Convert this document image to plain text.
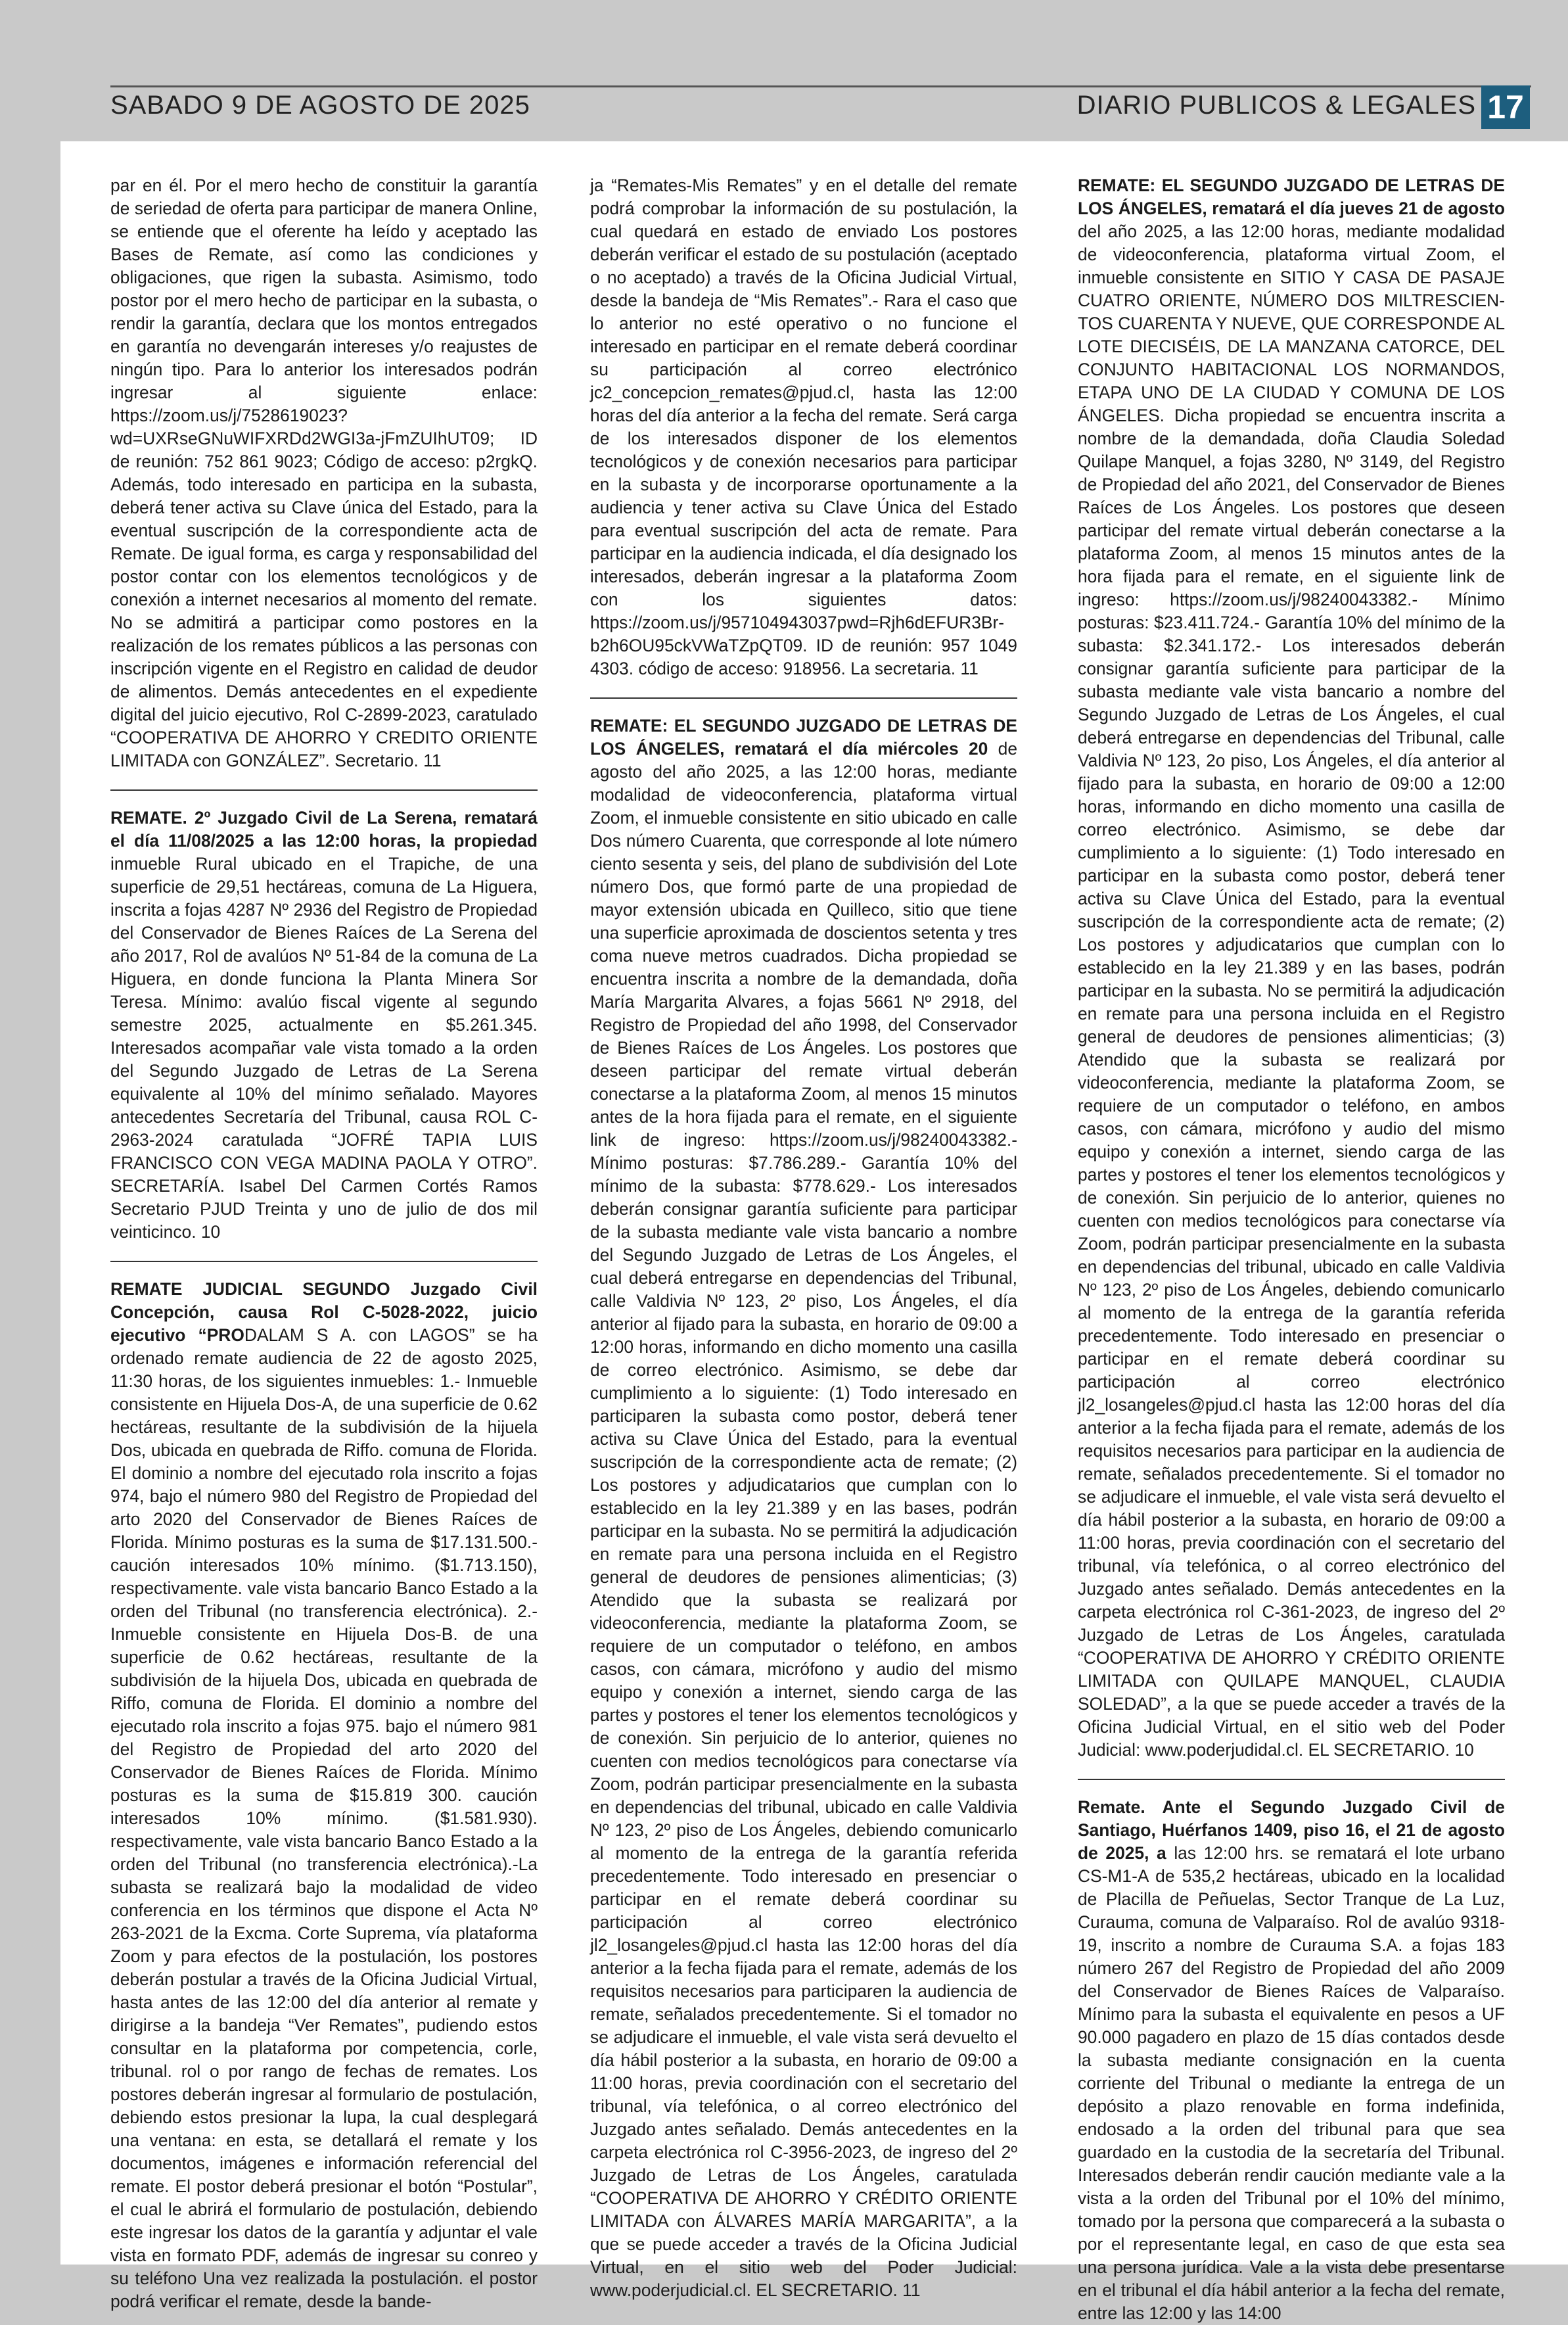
SABADO 9 DE AGOSTO DE 2025	DIARIO PUBLICOS & LEGALES 17

par en él. Por el mero hecho de constituir la garantía de seriedad de oferta para participar de manera Online, se entiende que el oferente ha leído y aceptado las Bases de Remate, así como las condiciones y obligaciones, que rigen la subasta. Asimismo, todo postor por el mero hecho de participar en la subasta, o rendir la garantía, declara que los montos entregados en garantía no devengarán intereses y/o reajustes de ningún tipo. Para lo anterior los interesados podrán ingresar al siguiente enlace: https://zoom.us/j/7528619023?wd=UXRseGNuWIFXRDd2WGI3a-jFmZUIhUT09; ID de reunión: 752 861 9023; Código de acceso: p2rgkQ. Además, todo interesado en participa en la subasta, deberá tener activa su Clave única del Estado, para la eventual suscripción de la correspondiente acta de Remate. De igual forma, es carga y responsabilidad del postor contar con los elementos tecnológicos y de conexión a internet necesarios al momento del remate. No se admitirá a participar como postores en la realización de los remates públicos a las personas con inscripción vigente en el Registro en calidad de deudor de alimentos. Demás antecedentes en el expediente digital del juicio ejecutivo, Rol C-2899-2023, caratulado “COOPERATIVA DE AHORRO Y CREDITO ORIENTE LIMITADA con GONZÁLEZ”. Secretario. 11

REMATE. 2º Juzgado Civil de La Serena, rematará el día 11/08/2025 a las 12:00 horas, la propiedad inmueble Rural ubicado en el Trapiche, de una superficie de 29,51 hectáreas, comuna de La Higuera, inscrita a fojas 4287 Nº 2936 del Registro de Propiedad del Conservador de Bienes Raíces de La Serena del año 2017, Rol de avalúos Nº 51-84 de la comuna de La Higuera, en donde funciona la Planta Minera Sor Teresa. Mínimo: avalúo fiscal vigente al segundo semestre 2025, actualmente en $5.261.345. Interesados acompañar vale vista tomado a la orden del Segundo Juzgado de Letras de La Serena equivalente al 10% del mínimo señalado. Mayores antecedentes Secretaría del Tribunal, causa ROL C-2963-2024 caratulada “JOFRÉ TAPIA LUIS FRANCISCO CON VEGA MADINA PAOLA Y OTRO”. SECRETARÍA. Isabel Del Carmen Cortés Ramos Secretario PJUD Treinta y uno de julio de dos mil veinticinco. 10

REMATE JUDICIAL SEGUNDO Juzgado Civil Concepción, causa Rol C-5028-2022, juicio ejecutivo “PRODALAM S A. con LAGOS” se ha ordenado remate audiencia de 22 de agosto 2025, 11:30 horas, de los siguientes inmuebles: 1.- Inmueble consistente en Hijuela Dos-A, de una superficie de 0.62 hectáreas, resultante de la subdivisión de la hijuela Dos, ubicada en quebrada de Riffo. comuna de Florida. El dominio a nombre del ejecutado rola inscrito a fojas 974, bajo el número 980 del Registro de Propiedad del arto 2020 del Conservador de Bienes Raíces de Florida. Mínimo posturas es la suma de $17.131.500.- caución interesados 10% mínimo. ($1.713.150), respectivamente. vale vista bancario Banco Estado a la orden del Tribunal (no transferencia electrónica). 2.- Inmueble consistente en Hijuela Dos-B. de una superficie de 0.62 hectáreas, resultante de la subdivisión de la hijuela Dos, ubicada en quebrada de Riffo, comuna de Florida. El dominio a nombre del ejecutado rola inscrito a fojas 975. bajo el número 981 del Registro de Propiedad del arto 2020 del Conservador de Bienes Raíces de Florida. Mínimo posturas es la suma de $15.819 300. caución interesados 10% mínimo. ($1.581.930). respectivamente, vale vista bancario Banco Estado a la orden del Tribunal (no transferencia electrónica).-La subasta se realizará bajo la modalidad de video conferencia en los términos que dispone el Acta Nº 263-2021 de la Excma. Corte Suprema, vía plataforma Zoom y para efectos de la postulación, los postores deberán postular a través de la Oficina Judicial Virtual, hasta antes de las 12:00 del día anterior al remate y dirigirse a la bandeja “Ver Remates”, pudiendo estos consultar en la plataforma por competencia, corle, tribunal. rol o por rango de fechas de remates. Los postores deberán ingresar al formulario de postulación, debiendo estos presionar la lupa, la cual desplegará una ventana: en esta, se detallará el remate y los documentos, imágenes e información referencial del remate. El postor deberá presionar el botón “Postular”, el cual le abrirá el formulario de postulación, debiendo este ingresar los datos de la garantía y adjuntar el vale vista en formato PDF, además de ingresar su conreo y su teléfono Una vez realizada la postulación. el postor podrá verificar el remate, desde la bande-

ja “Remates-Mis Remates” y en el detalle del remate podrá comprobar la información de su postulación, la cual quedará en estado de enviado Los postores deberán verificar el estado de su postulación (aceptado o no aceptado) a través de la Oficina Judicial Virtual, desde la bandeja de “Mis Remates”.- Rara el caso que lo anterior no esté operativo o no funcione el interesado en participar en el remate deberá coordinar su participación al correo electrónico jc2_concepcion_remates@pjud.cl, hasta las 12:00 horas del día anterior a la fecha del remate. Será carga de los interesados disponer de los elementos tecnológicos y de conexión necesarios para participar en la subasta y de incorporarse oportunamente a la audiencia y tener activa su Clave Única del Estado para eventual suscripción del acta de remate. Para participar en la audiencia indicada, el día designado los interesados, deberán ingresar a la plataforma Zoom con los siguientes datos: https://zoom.us/j/957104943037pwd=Rjh6dEFUR3Br-b2h6OU95ckVWaTZpQT09. ID de reunión: 957 1049 4303. código de acceso: 918956. La secretaria. 11

REMATE: EL SEGUNDO JUZGADO DE LETRAS DE LOS ÁNGELES, rematará el día miércoles 20 de agosto del año 2025, a las 12:00 horas, mediante modalidad de videoconferencia, plataforma virtual Zoom, el inmueble consistente en sitio ubicado en calle Dos número Cuarenta, que corresponde al lote número ciento sesenta y seis, del plano de subdivisión del Lote número Dos, que formó parte de una propiedad de mayor extensión ubicada en Quilleco, sitio que tiene una superficie aproximada de doscientos setenta y tres coma nueve metros cuadrados. Dicha propiedad se encuentra inscrita a nombre de la demandada, doña María Margarita Alvares, a fojas 5661 Nº 2918, del Registro de Propiedad del año 1998, del Conservador de Bienes Raíces de Los Ángeles. Los postores que deseen participar del remate virtual deberán conectarse a la plataforma Zoom, al menos 15 minutos antes de la hora fijada para el remate, en el siguiente link de ingreso: https://zoom.us/j/98240043382.- Mínimo posturas: $7.786.289.- Garantía 10% del mínimo de la subasta: $778.629.- Los interesados deberán consignar garantía suficiente para participar de la subasta mediante vale vista bancario a nombre del Segundo Juzgado de Letras de Los Ángeles, el cual deberá entregarse en dependencias del Tribunal, calle Valdivia Nº 123, 2º piso, Los Ángeles, el día anterior al fijado para la subasta, en horario de 09:00 a 12:00 horas, informando en dicho momento una casilla de correo electrónico. Asimismo, se debe dar cumplimiento a lo siguiente: (1) Todo interesado en participaren la subasta como postor, deberá tener activa su Clave Única del Estado, para la eventual suscripción de la correspondiente acta de remate; (2) Los postores y adjudicatarios que cumplan con lo establecido en la ley 21.389 y en las bases, podrán participar en la subasta. No se permitirá la adjudicación en remate para una persona incluida en el Registro general de deudores de pensiones alimenticias; (3) Atendido que la subasta se realizará por videoconferencia, mediante la plataforma Zoom, se requiere de un computador o teléfono, en ambos casos, con cámara, micrófono y audio del mismo equipo y conexión a internet, siendo carga de las partes y postores el tener los elementos tecnológicos y de conexión. Sin perjuicio de lo anterior, quienes no cuenten con medios tecnológicos para conectarse vía Zoom, podrán participar presencialmente en la subasta en dependencias del tribunal, ubicado en calle Valdivia Nº 123, 2º piso de Los Ángeles, debiendo comunicarlo al momento de la entrega de la garantía referida precedentemente. Todo interesado en presenciar o participar en el remate deberá coordinar su participación al correo electrónico jl2_losangeles@pjud.cl hasta las 12:00 horas del día anterior a la fecha fijada para el remate, además de los requisitos necesarios para participaren la audiencia de remate, señalados precedentemente. Si el tomador no se adjudicare el inmueble, el vale vista será devuelto el día hábil posterior a la subasta, en horario de 09:00 a 11:00 horas, previa coordinación con el secretario del tribunal, vía telefónica, o al correo electrónico del Juzgado antes señalado. Demás antecedentes en la carpeta electrónica rol C-3956-2023, de ingreso del 2º Juzgado de Letras de Los Ángeles, caratulada “COOPERATIVA DE AHORRO Y CRÉDITO ORIENTE LIMITADA con ÁLVARES MARÍA MARGARITA”, a la que se puede acceder a través de la Oficina Judicial Virtual, en el sitio web del Poder Judicial: www.poderjudicial.cl. EL SECRETARIO. 11

REMATE: EL SEGUNDO JUZGADO DE LETRAS DE LOS ÁNGELES, rematará el día jueves 21 de agosto del año 2025, a las 12:00 horas, mediante modalidad de videoconferencia, plataforma virtual Zoom, el inmueble consistente en SITIO Y CASA DE PASAJE CUATRO ORIENTE, NÚMERO DOS MILTRESCIEN-TOS CUARENTA Y NUEVE, QUE CORRESPONDE AL LOTE DIECISÉIS, DE LA MANZANA CATORCE, DEL CONJUNTO HABITACIONAL LOS NORMANDOS, ETAPA UNO DE LA CIUDAD Y COMUNA DE LOS ÁNGELES. Dicha propiedad se encuentra inscrita a nombre de la demandada, doña Claudia Soledad Quilape Manquel, a fojas 3280, Nº 3149, del Registro de Propiedad del año 2021, del Conservador de Bienes Raíces de Los Ángeles. Los postores que deseen participar del remate virtual deberán conectarse a la plataforma Zoom, al menos 15 minutos antes de la hora fijada para el remate, en el siguiente link de ingreso: https://zoom.us/j/98240043382.- Mínimo posturas: $23.411.724.- Garantía 10% del mínimo de la subasta: $2.341.172.- Los interesados deberán consignar garantía suficiente para participar de la subasta mediante vale vista bancario a nombre del Segundo Juzgado de Letras de Los Ángeles, el cual deberá entregarse en dependencias del Tribunal, calle Valdivia Nº 123, 2o piso, Los Ángeles, el día anterior al fijado para la subasta, en horario de 09:00 a 12:00 horas, informando en dicho momento una casilla de correo electrónico. Asimismo, se debe dar cumplimiento a lo siguiente: (1) Todo interesado en participar en la subasta como postor, deberá tener activa su Clave Única del Estado, para la eventual suscripción de la correspondiente acta de remate; (2) Los postores y adjudicatarios que cumplan con lo establecido en la ley 21.389 y en las bases, podrán participar en la subasta. No se permitirá la adjudicación en remate para una persona incluida en el Registro general de deudores de pensiones alimenticias; (3) Atendido que la subasta se realizará por videoconferencia, mediante la plataforma Zoom, se requiere de un computador o teléfono, en ambos casos, con cámara, micrófono y audio del mismo equipo y conexión a internet, siendo carga de las partes y postores el tener los elementos tecnológicos y de conexión. Sin perjuicio de lo anterior, quienes no cuenten con medios tecnológicos para conectarse vía Zoom, podrán participar presencialmente en la subasta en dependencias del tribunal, ubicado en calle Valdivia Nº 123, 2º piso de Los Ángeles, debiendo comunicarlo al momento de la entrega de la garantía referida precedentemente. Todo interesado en presenciar o participar en el remate deberá coordinar su participación al correo electrónico jl2_losangeles@pjud.cl hasta las 12:00 horas del día anterior a la fecha fijada para el remate, además de los requisitos necesarios para participar en la audiencia de remate, señalados precedentemente. Si el tomador no se adjudicare el inmueble, el vale vista será devuelto el día hábil posterior a la subasta, en horario de 09:00 a 11:00 horas, previa coordinación con el secretario del tribunal, vía telefónica, o al correo electrónico del Juzgado antes señalado. Demás antecedentes en la carpeta electrónica rol C-361-2023, de ingreso del 2º Juzgado de Letras de Los Ángeles, caratulada “COOPERATIVA DE AHORRO Y CRÉDITO ORIENTE LIMITADA con QUILAPE MANQUEL, CLAUDIA SOLEDAD”, a la que se puede acceder a través de la Oficina Judicial Virtual, en el sitio web del Poder Judicial: www.poderjudidal.cl. EL SECRETARIO. 10

Remate. Ante el Segundo Juzgado Civil de Santiago, Huérfanos 1409, piso 16, el 21 de agosto de 2025, a las 12:00 hrs. se rematará el lote urbano CS-M1-A de 535,2 hectáreas, ubicado en la localidad de Placilla de Peñuelas, Sector Tranque de La Luz, Curauma, comuna de Valparaíso. Rol de avalúo 9318-19, inscrito a nombre de Curauma S.A. a fojas 183 número 267 del Registro de Propiedad del año 2009 del Conservador de Bienes Raíces de Valparaíso. Mínimo para la subasta el equivalente en pesos a UF 90.000 pagadero en plazo de 15 días contados desde la subasta mediante consignación en la cuenta corriente del Tribunal o mediante la entrega de un depósito a plazo renovable en forma indefinida, endosado a la orden del tribunal para que sea guardado en la custodia de la secretaría del Tribunal. Interesados deberán rendir caución mediante vale a la vista a la orden del Tribunal por el 10% del mínimo, tomado por la persona que comparecerá a la subasta o por el representante legal, en caso de que esta sea una persona jurídica. Vale a la vista debe presentarse en el tribunal el día hábil anterior a la fecha del remate, entre las 12:00 y las 14:00
